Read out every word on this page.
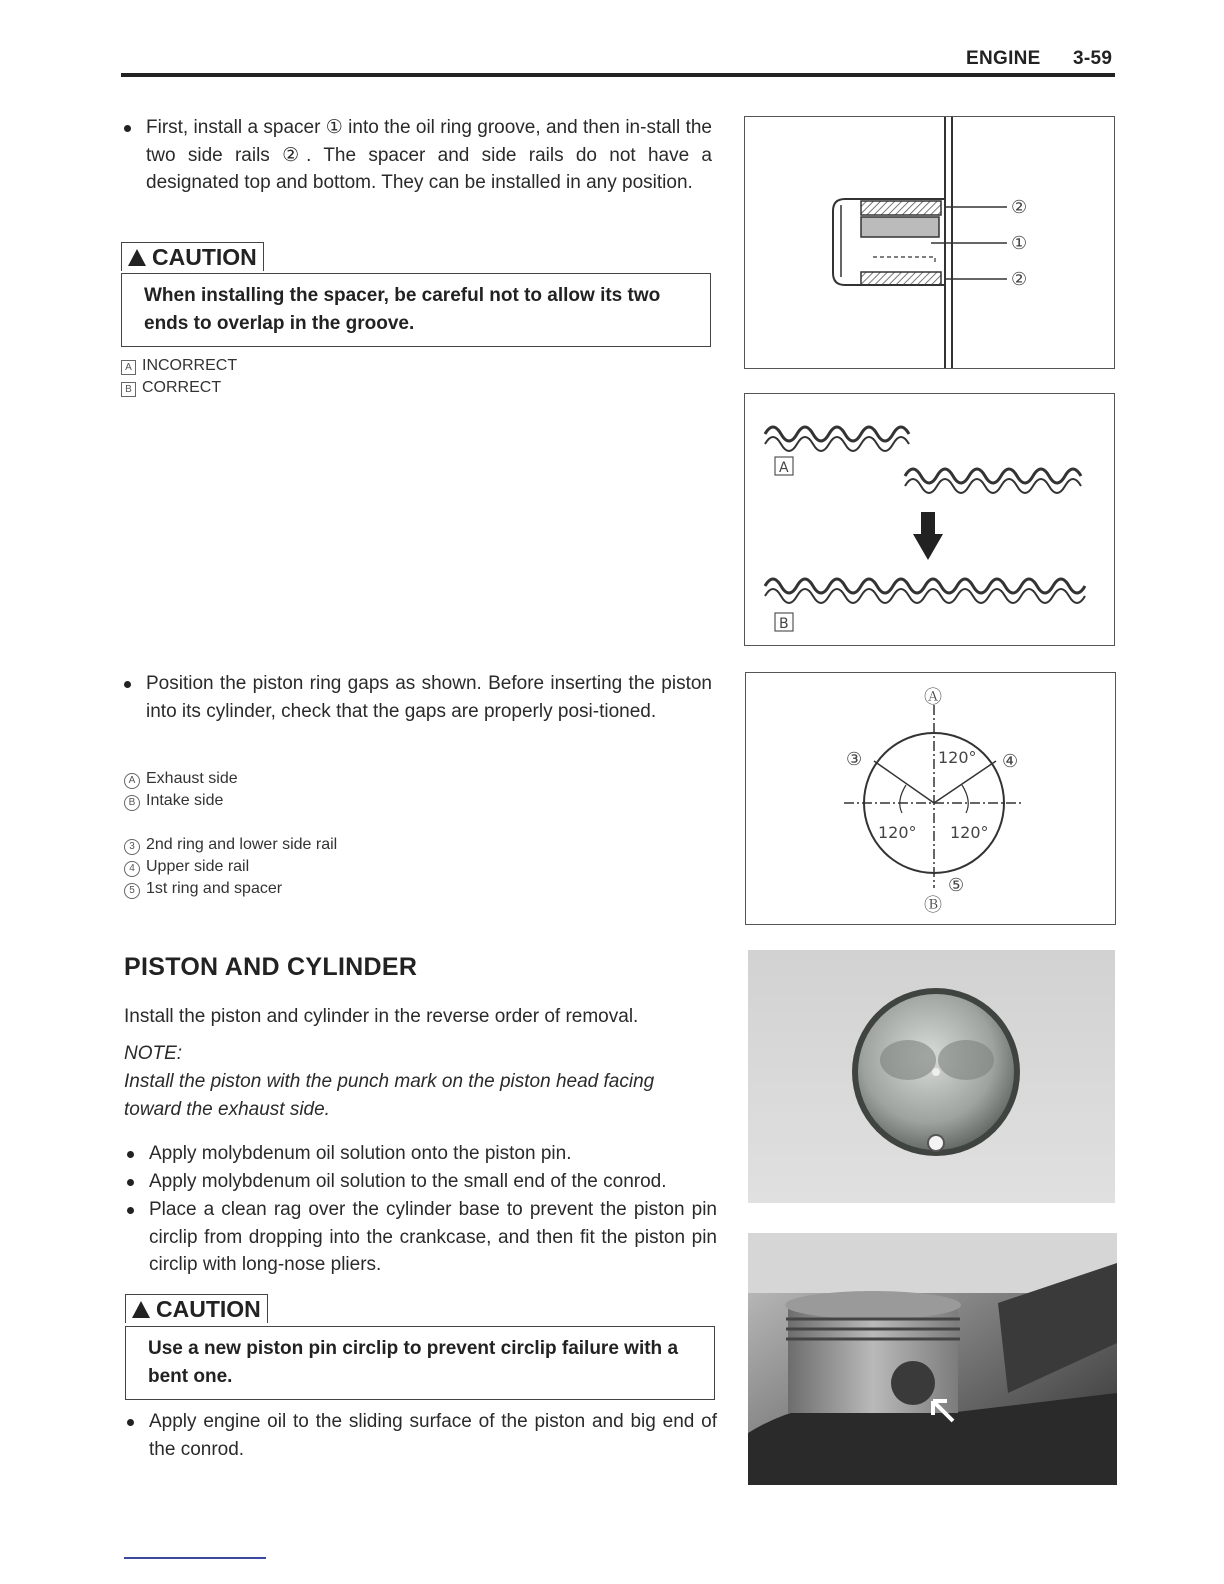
ENGINE 3-59
First, install a spacer ① into the oil ring groove, and then in-stall the two side rails ②. The spacer and side rails do not have a designated top and bottom. They can be installed in any position.
CAUTION
When installing the spacer, be careful not to allow its two ends to overlap in the groove.
A INCORRECT
B CORRECT
②
①
②
A
B
Position the piston ring gaps as shown. Before inserting the piston into its cylinder, check that the gaps are properly posi-tioned.
A Exhaust side
B Intake side
3 2nd ring and lower side rail
4 Upper side rail
5 1st ring and spacer
Ⓐ
③	④
120°
120° 120°
⑤
Ⓑ
PISTON AND CYLINDER
Install the piston and cylinder in the reverse order of removal.
NOTE:
Install the piston with the punch mark on the piston head facing toward the exhaust side.
Apply molybdenum oil solution onto the piston pin.
Apply molybdenum oil solution to the small end of the conrod.
Place a clean rag over the cylinder base to prevent the piston pin circlip from dropping into the crankcase, and then fit the piston pin circlip with long-nose pliers.
CAUTION
Use a new piston pin circlip to prevent circlip failure with a bent one.
Apply engine oil to the sliding surface of the piston and big end of the conrod.
